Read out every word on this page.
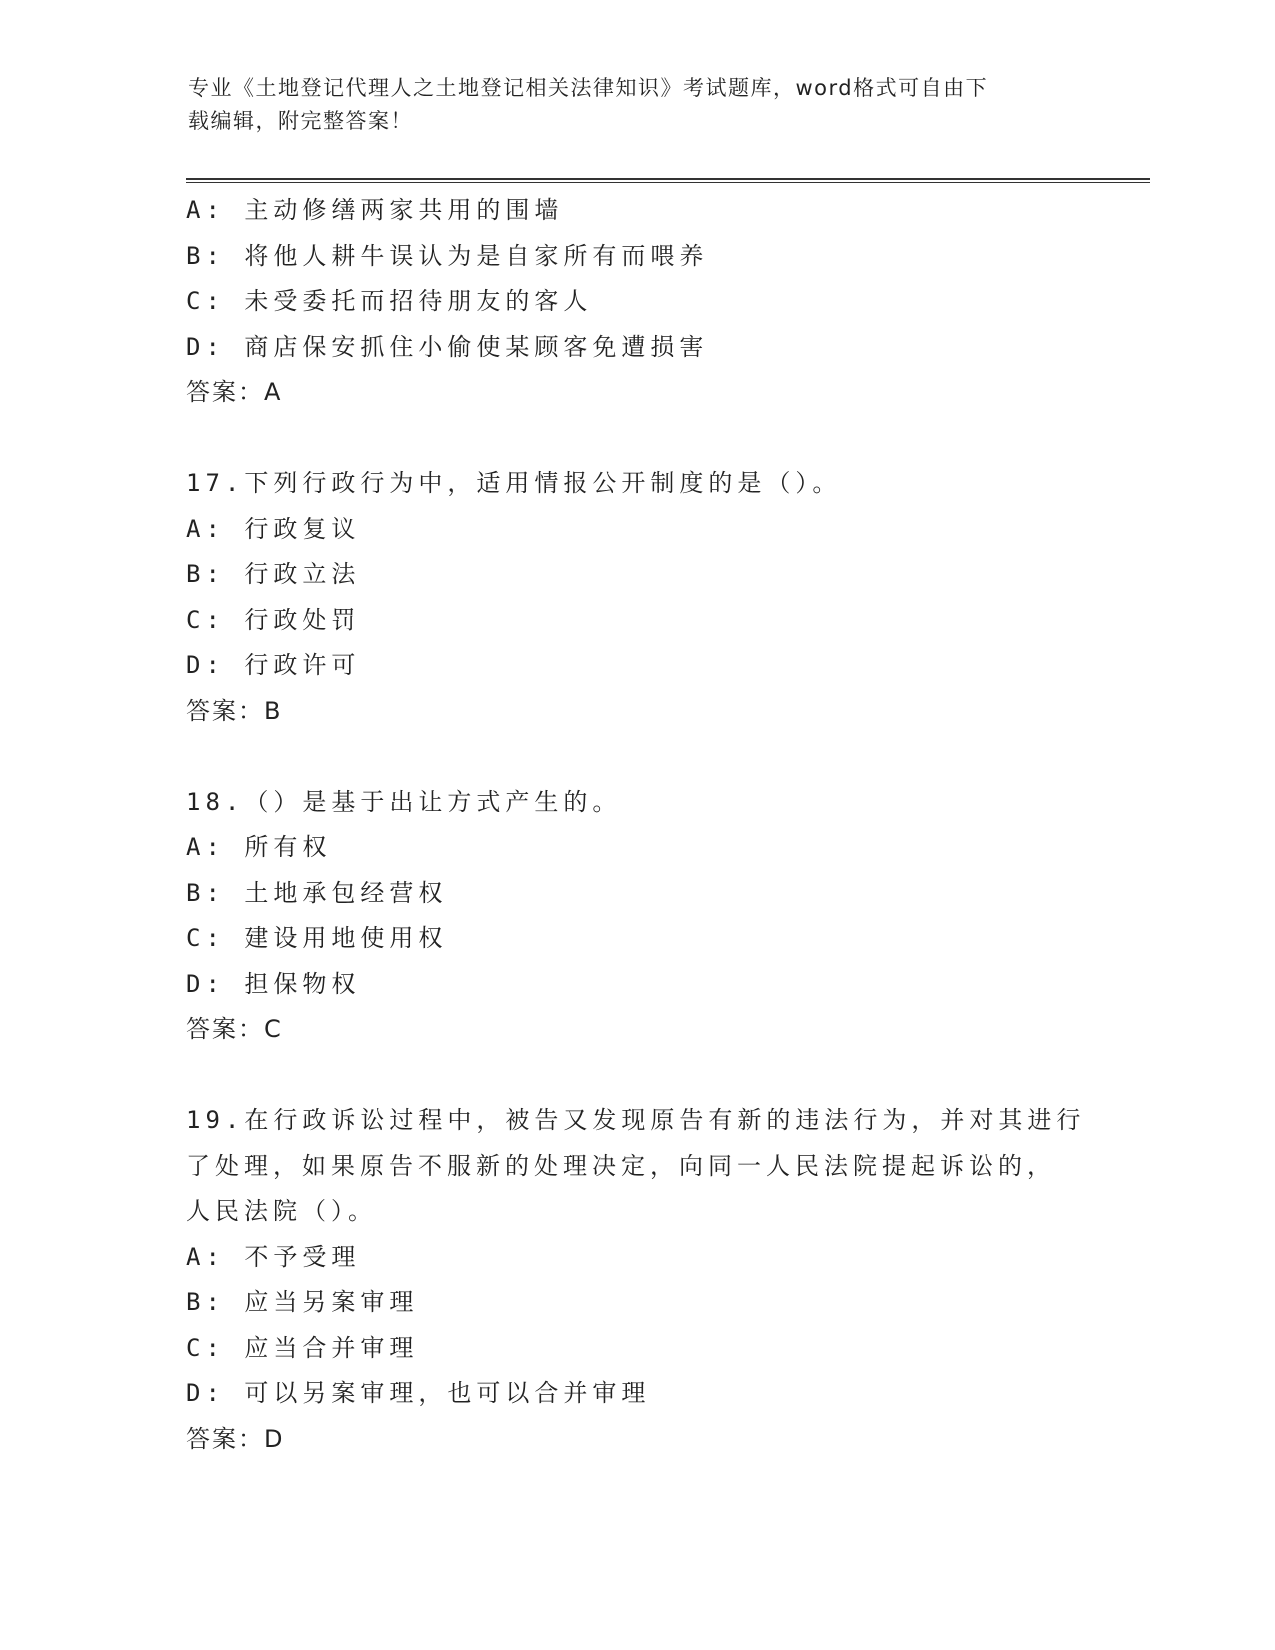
专业《土地登记代理人之土地登记相关法律知识》考试题库，word格式可自由下
载编辑，附完整答案！
A: 主动修缮两家共用的围墙
B: 将他人耕牛误认为是自家所有而喂养
C: 未受委托而招待朋友的客人
D: 商店保安抓住小偷使某顾客免遭损害
答案：A
17.下列行政行为中，适用情报公开制度的是（）。
A: 行政复议
B: 行政立法
C: 行政处罚
D: 行政许可
答案：B
18.（）是基于出让方式产生的。
A: 所有权
B: 土地承包经营权
C: 建设用地使用权
D: 担保物权
答案：C
19.在行政诉讼过程中，被告又发现原告有新的违法行为，并对其进行
了处理，如果原告不服新的处理决定，向同一人民法院提起诉讼的，
人民法院（）。
A: 不予受理
B: 应当另案审理
C: 应当合并审理
D: 可以另案审理，也可以合并审理
答案：D
